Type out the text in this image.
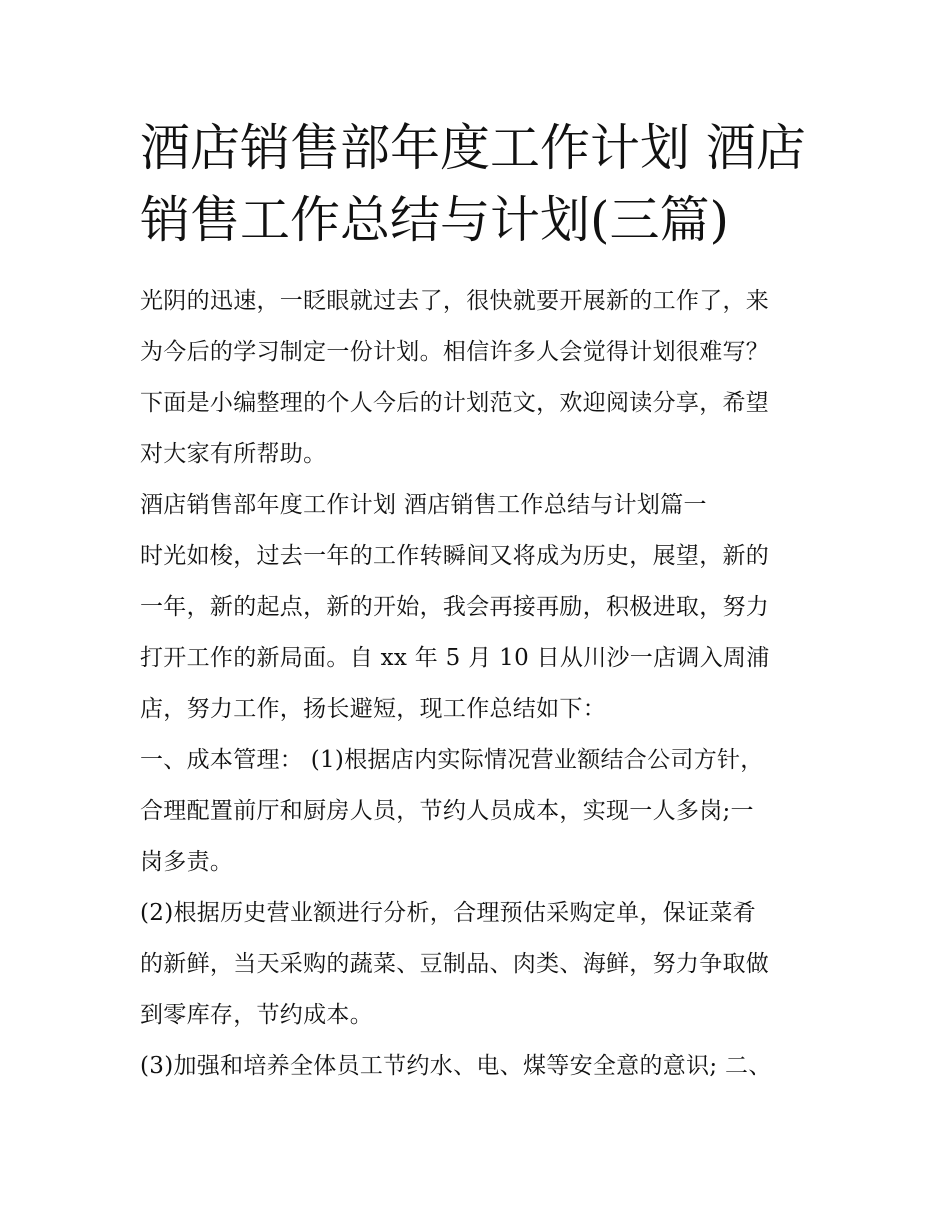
酒店销售部年度工作计划 酒店
销售工作总结与计划(三篇)
光阴的迅速，一眨眼就过去了，很快就要开展新的工作了，来
为今后的学习制定一份计划。相信许多人会觉得计划很难写？
下面是小编整理的个人今后的计划范文，欢迎阅读分享，希望
对大家有所帮助。
酒店销售部年度工作计划 酒店销售工作总结与计划篇一
时光如梭，过去一年的工作转瞬间又将成为历史，展望，新的
一年，新的起点，新的开始，我会再接再励，积极进取，努力
打开工作的新局面。自 xx 年 5 月 10 日从川沙一店调入周浦
店，努力工作，扬长避短，现工作总结如下：
一、成本管理： (1)根据店内实际情况营业额结合公司方针，
合理配置前厅和厨房人员，节约人员成本，实现一人多岗;一
岗多责。
(2)根据历史营业额进行分析，合理预估采购定单，保证菜肴
的新鲜，当天采购的蔬菜、豆制品、肉类、海鲜，努力争取做
到零库存，节约成本。
(3)加强和培养全体员工节约水、电、煤等安全意的意识; 二、
